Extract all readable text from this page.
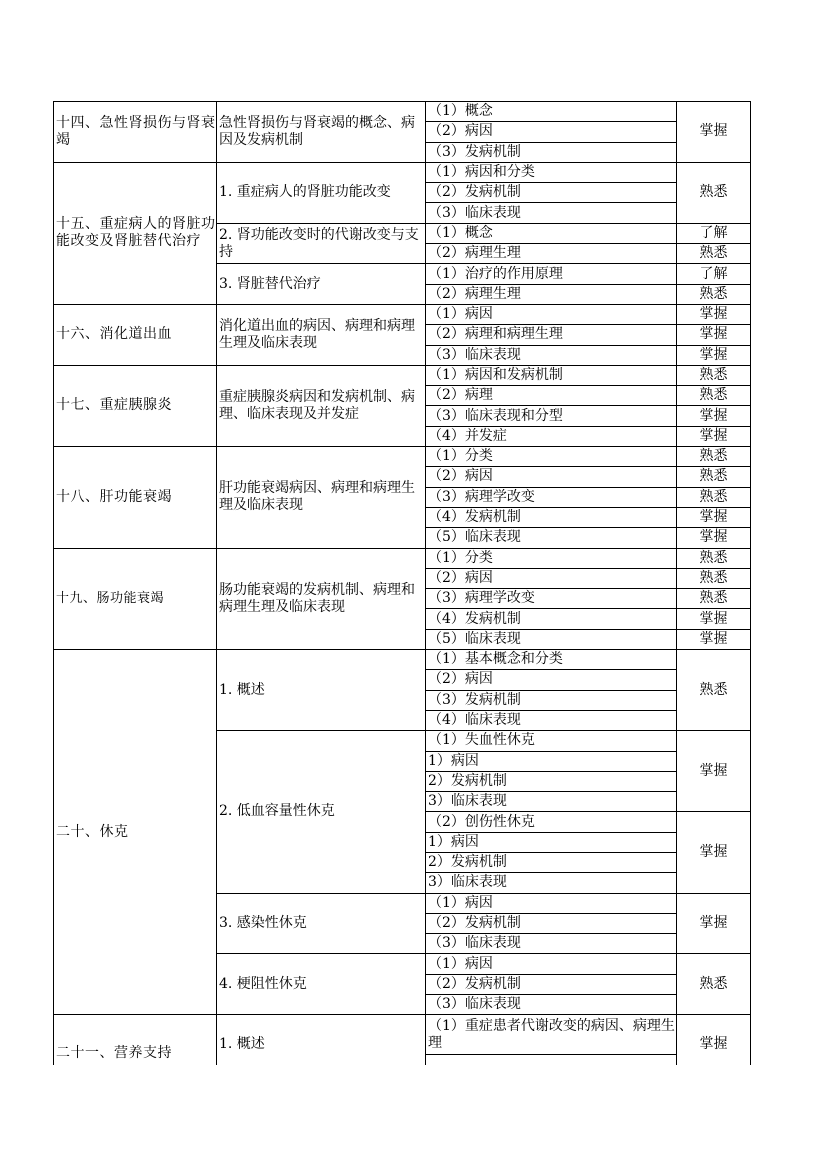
十四、急性肾损伤与肾衰竭	急性肾损伤与肾衰竭的概念、病因及发病机制	（1）概念	掌握
		（2）病因	
		（3）发病机制	
十五、重症病人的肾脏功能改变及肾脏替代治疗	1. 重症病人的肾脏功能改变	（1）病因和分类	熟悉
		（2）发病机制	
		（3）临床表现	
	2. 肾功能改变时的代谢改变与支持	（1）概念	了解
		（2）病理生理	熟悉
	3. 肾脏替代治疗	（1）治疗的作用原理	了解
		（2）病理生理	熟悉
十六、消化道出血	消化道出血的病因、病理和病理生理及临床表现	（1）病因	掌握
		（2）病理和病理生理	掌握
		（3）临床表现	掌握
十七、重症胰腺炎	重症胰腺炎病因和发病机制、病理、临床表现及并发症	（1）病因和发病机制	熟悉
		（2）病理	熟悉
		（3）临床表现和分型	掌握
		（4）并发症	掌握
十八、肝功能衰竭	肝功能衰竭病因、病理和病理生理及临床表现	（1）分类	熟悉
		（2）病因	熟悉
		（3）病理学改变	熟悉
		（4）发病机制	掌握
		（5）临床表现	掌握
十九、肠功能衰竭	肠功能衰竭的发病机制、病理和病理生理及临床表现	（1）分类	熟悉
		（2）病因	熟悉
		（3）病理学改变	熟悉
		（4）发病机制	掌握
		（5）临床表现	掌握
二十、休克	1. 概述	（1）基本概念和分类	熟悉
		（2）病因	
		（3）发病机制	
		（4）临床表现	
	2. 低血容量性休克	（1）失血性休克	掌握
		1）病因	
		2）发病机制	
		3）临床表现	
		（2）创伤性休克	掌握
		1）病因	
		2）发病机制	
		3）临床表现	
	3. 感染性休克	（1）病因	掌握
		（2）发病机制	
		（3）临床表现	
	4. 梗阻性休克	（1）病因	熟悉
		（2）发病机制	
		（3）临床表现	
二十一、营养支持	1. 概述	（1）重症患者代谢改变的病因、病理生理	掌握
